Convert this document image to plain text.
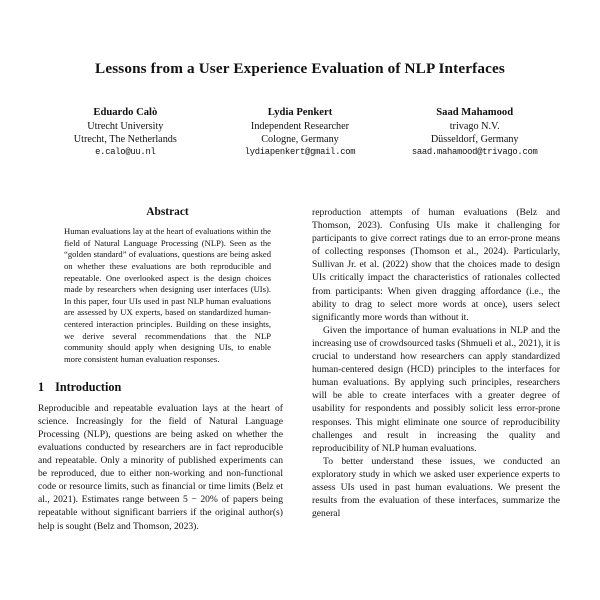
Lessons from a User Experience Evaluation of NLP Interfaces
Eduardo Calò
Utrecht University
Utrecht, The Netherlands
e.calo@uu.nl
Lydia Penkert
Independent Researcher
Cologne, Germany
lydiapenkert@gmail.com
Saad Mahamood
trivago N.V.
Düsseldorf, Germany
saad.mahamood@trivago.com
Abstract

Human evaluations lay at the heart of evaluations within the field of Natural Language Processing (NLP). Seen as the “golden standard” of evaluations, questions are being asked on whether these evaluations are both reproducible and repeatable. One overlooked aspect is the design choices made by researchers when designing user interfaces (UIs). In this paper, four UIs used in past NLP human evaluations are assessed by UX experts, based on standardized human-centered interaction principles. Building on these insights, we derive several recommendations that the NLP community should apply when designing UIs, to enable more consistent human evaluation responses.

1 Introduction

Reproducible and repeatable evaluation lays at the heart of science. Increasingly for the field of Natural Language Processing (NLP), questions are being asked on whether the evaluations conducted by researchers are in fact reproducible and repeatable. Only a minority of published experiments can be reproduced, due to either non-working and non-functional code or resource limits, such as financial or time limits (Belz et al., 2021). Estimates range between 5 − 20% of papers being repeatable without significant barriers if the original author(s) help is sought (Belz and Thomson, 2023).

reproduction attempts of human evaluations (Belz and Thomson, 2023). Confusing UIs make it challenging for participants to give correct ratings due to an error-prone means of collecting responses (Thomson et al., 2024). Particularly, Sullivan Jr. et al. (2022) show that the choices made to design UIs critically impact the characteristics of rationales collected from participants: When given dragging affordance (i.e., the ability to drag to select more words at once), users select significantly more words than without it.

Given the importance of human evaluations in NLP and the increasing use of crowdsourced tasks (Shmueli et al., 2021), it is crucial to understand how researchers can apply standardized human-centered design (HCD) principles to the interfaces for human evaluations. By applying such principles, researchers will be able to create interfaces with a greater degree of usability for respondents and possibly solicit less error-prone responses. This might eliminate one source of reproducibility challenges and result in increasing the quality and reproducibility of NLP human evaluations.

To better understand these issues, we conducted an exploratory study in which we asked user experience experts to assess UIs used in past human evaluations. We present the results from the evaluation of these interfaces, summarize the general
